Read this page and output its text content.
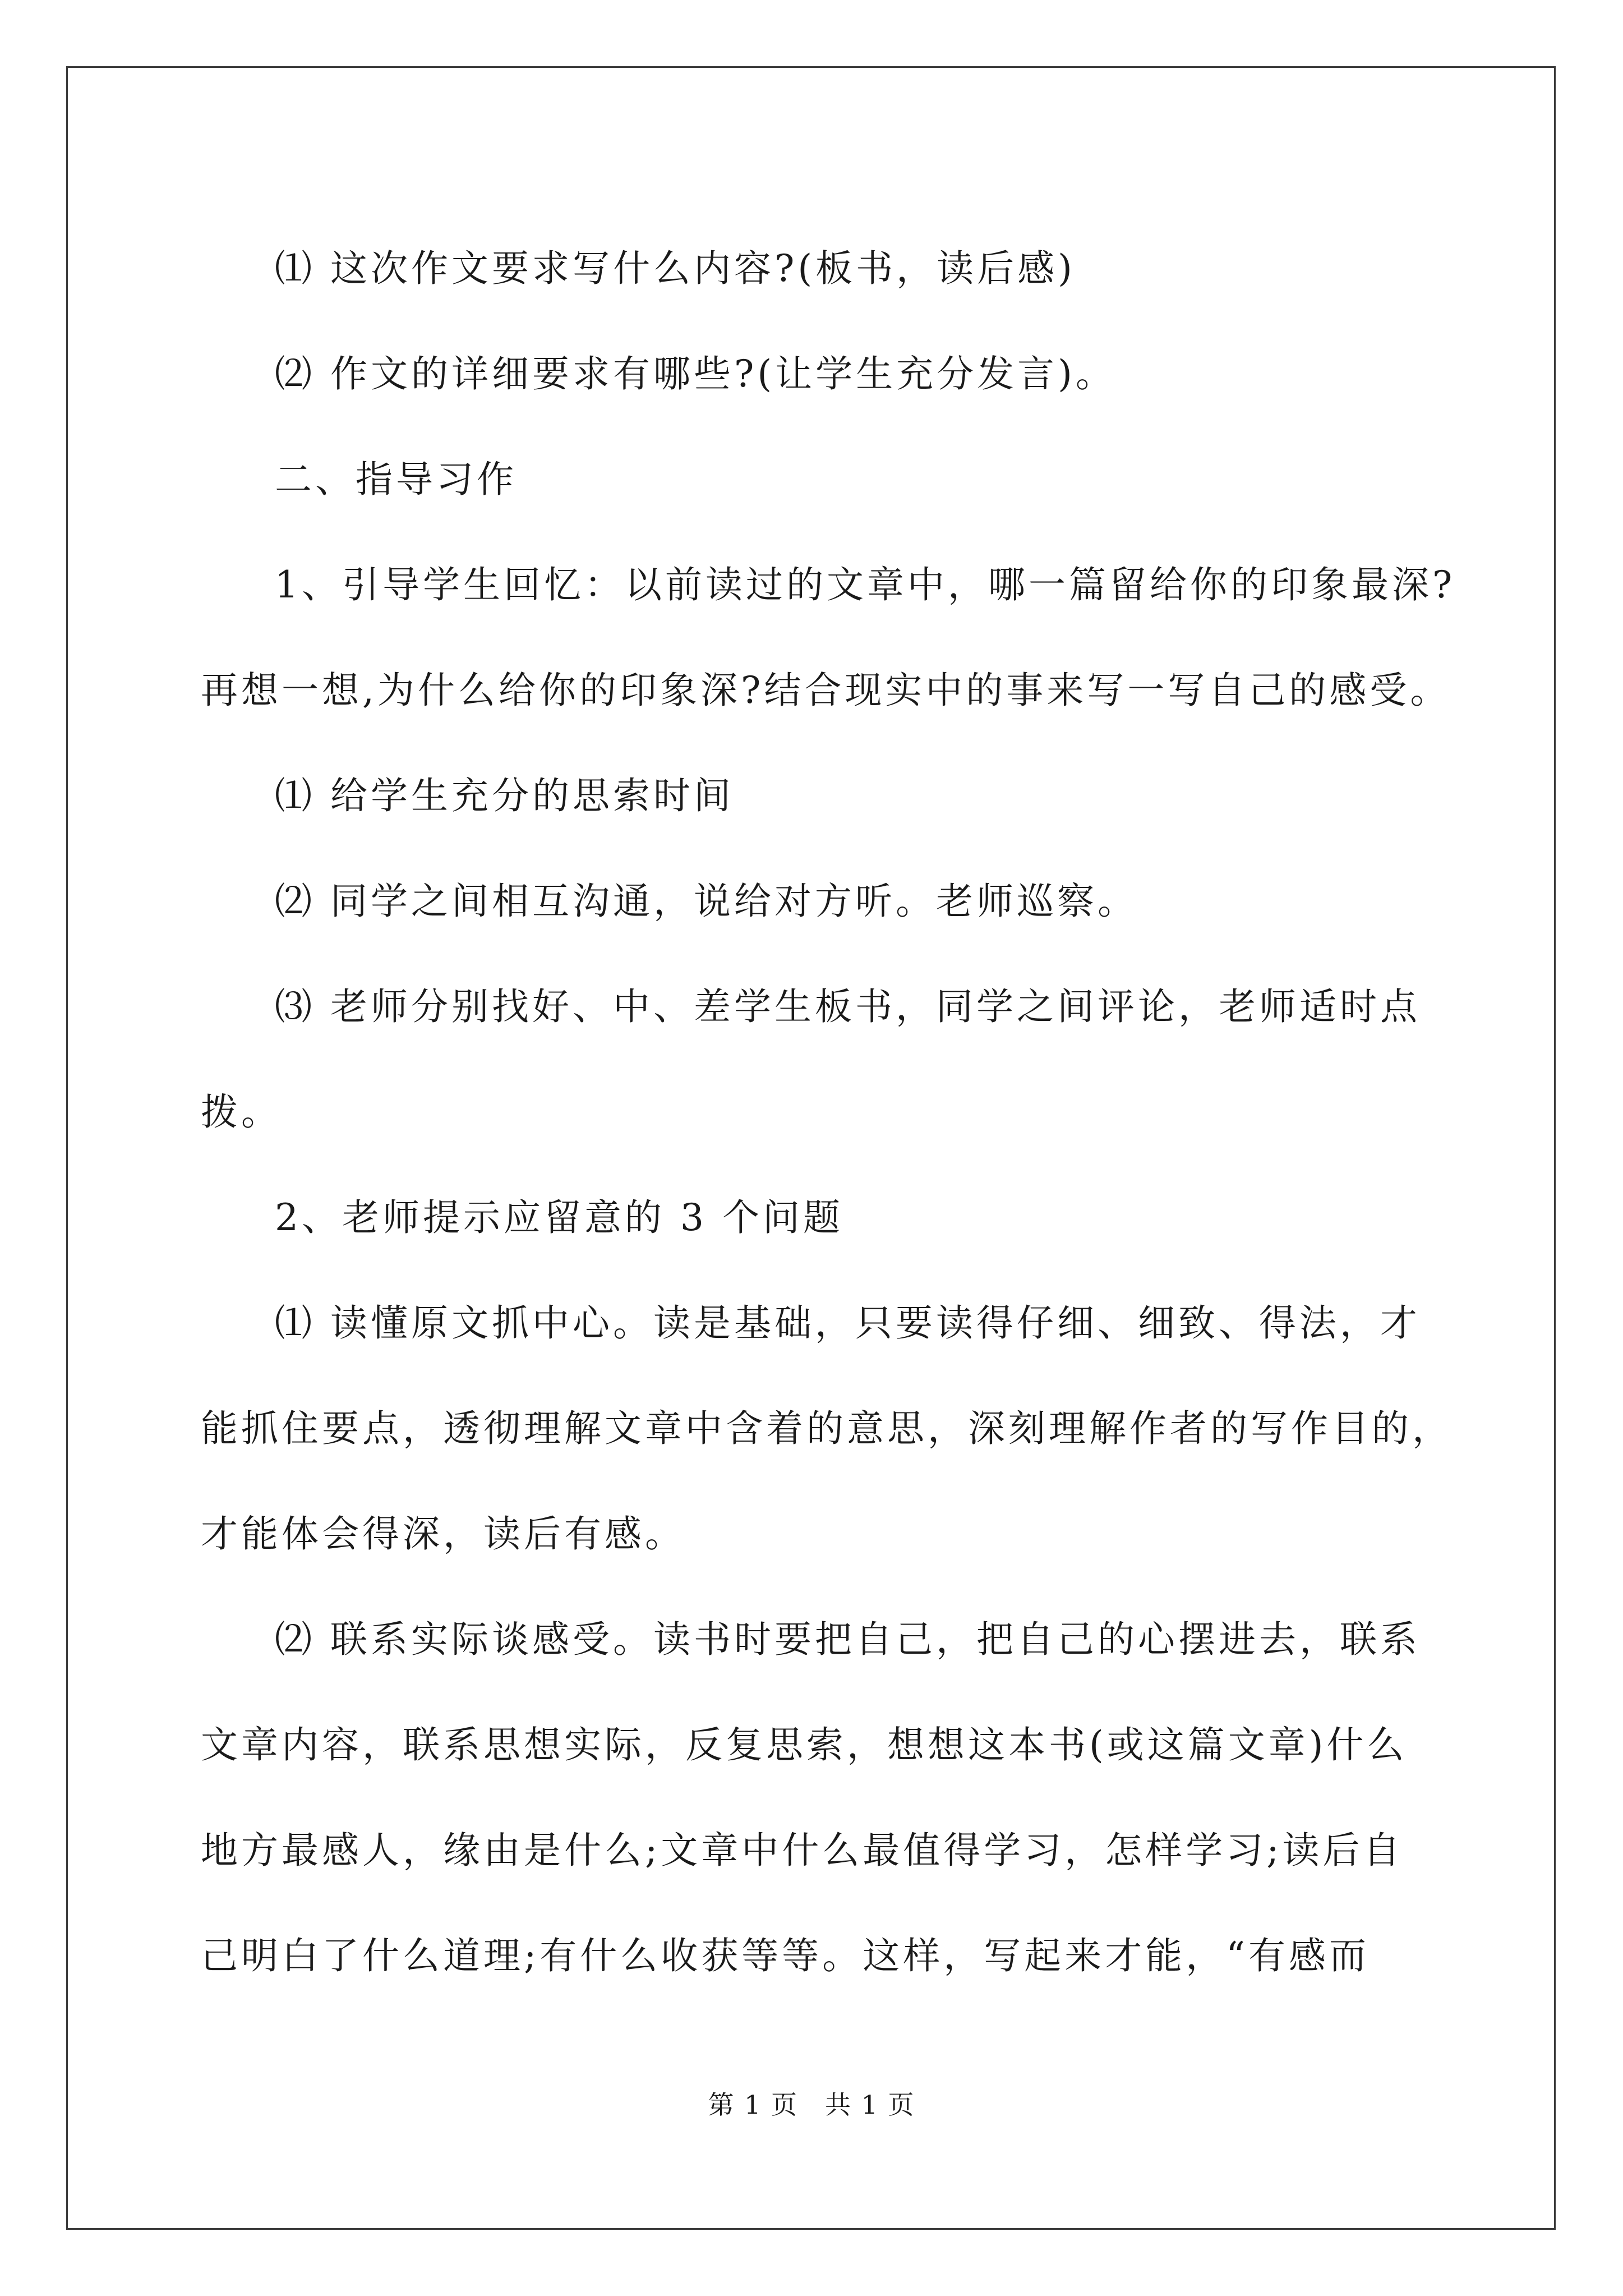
⑴ 这次作文要求写什么内容?(板书，读后感)

⑵ 作文的详细要求有哪些?(让学生充分发言)。

二、指导习作

1、引导学生回忆：以前读过的文章中，哪一篇留给你的印象最深?

再想一想,为什么给你的印象深?结合现实中的事来写一写自己的感受。

⑴ 给学生充分的思索时间

⑵ 同学之间相互沟通，说给对方听。老师巡察。

⑶ 老师分别找好、中、差学生板书，同学之间评论，老师适时点

拨。

2、老师提示应留意的 3 个问题

⑴ 读懂原文抓中心。读是基础，只要读得仔细、细致、得法，才

能抓住要点，透彻理解文章中含着的意思，深刻理解作者的写作目的，

才能体会得深，读后有感。

⑵ 联系实际谈感受。读书时要把自己，把自己的心摆进去，联系

文章内容，联系思想实际，反复思索，想想这本书(或这篇文章)什么

地方最感人，缘由是什么;文章中什么最值得学习，怎样学习;读后自

己明白了什么道理;有什么收获等等。这样，写起来才能，“有感而

第 1 页　共 1 页
